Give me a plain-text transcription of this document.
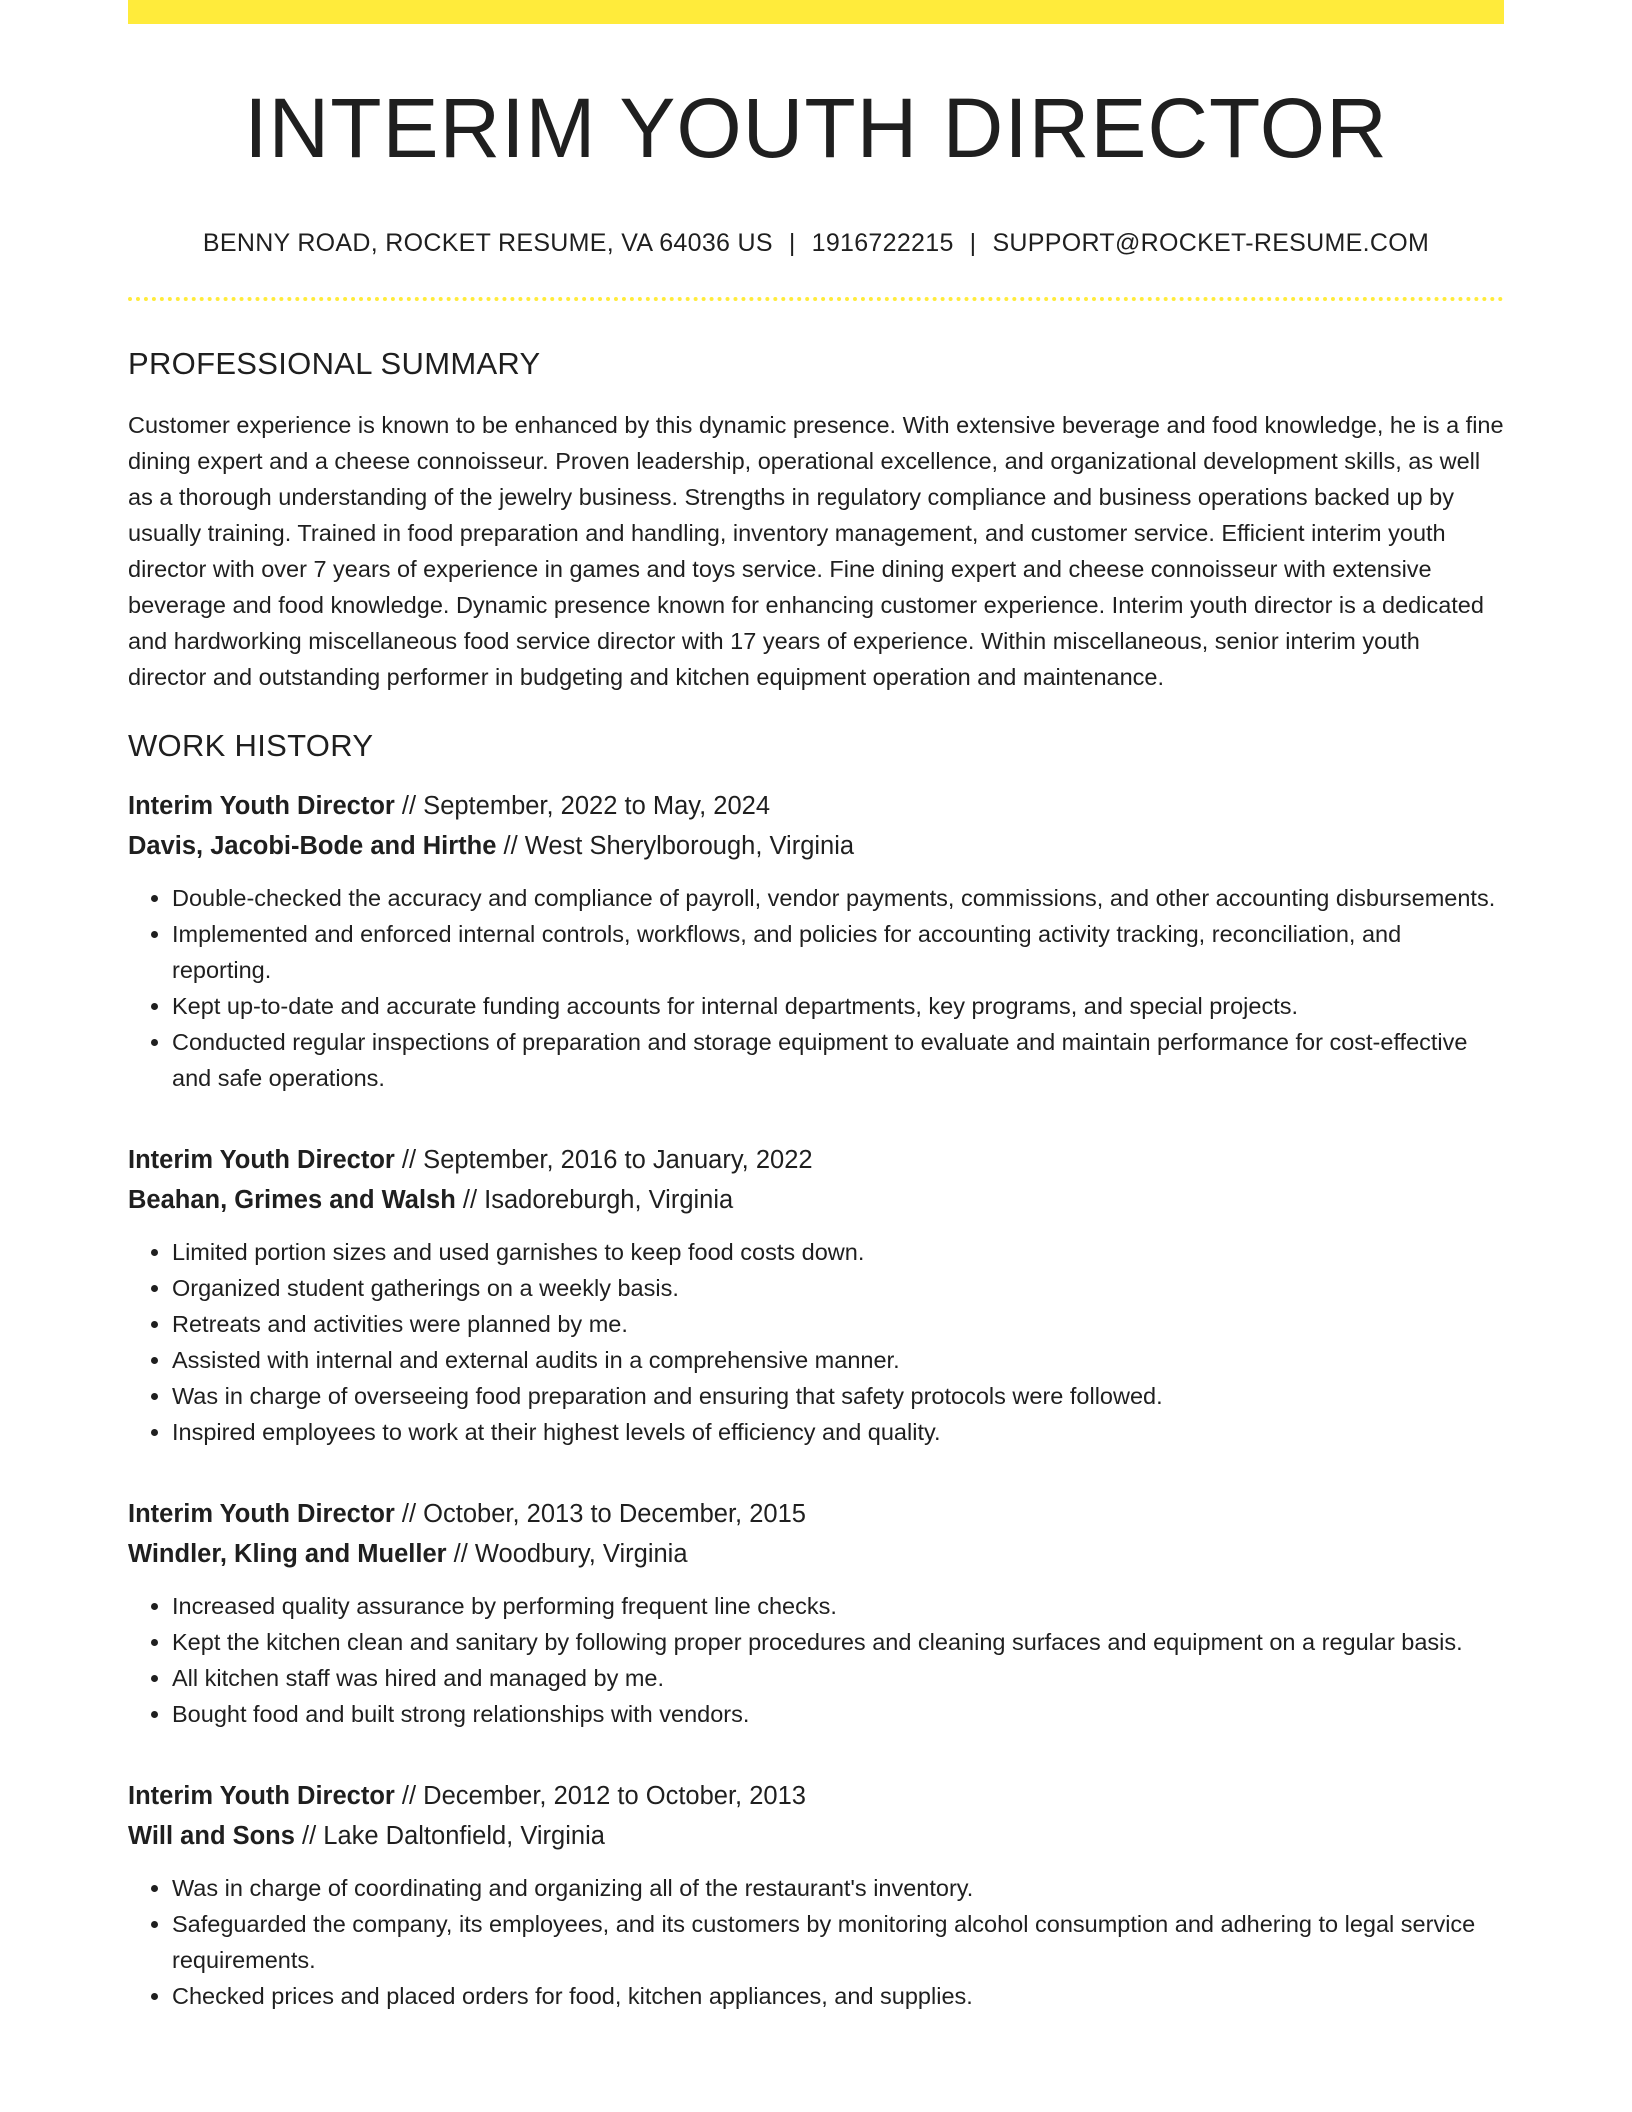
INTERIM YOUTH DIRECTOR
BENNY ROAD, ROCKET RESUME, VA 64036 US | 1916722215 | SUPPORT@ROCKET-RESUME.COM
PROFESSIONAL SUMMARY

Customer experience is known to be enhanced by this dynamic presence. With extensive beverage and food knowledge, he is a fine dining expert and a cheese connoisseur. Proven leadership, operational excellence, and organizational development skills, as well as a thorough understanding of the jewelry business. Strengths in regulatory compliance and business operations backed up by usually training. Trained in food preparation and handling, inventory management, and customer service. Efficient interim youth director with over 7 years of experience in games and toys service. Fine dining expert and cheese connoisseur with extensive beverage and food knowledge. Dynamic presence known for enhancing customer experience. Interim youth director is a dedicated and hardworking miscellaneous food service director with 17 years of experience. Within miscellaneous, senior interim youth director and outstanding performer in budgeting and kitchen equipment operation and maintenance.

WORK HISTORY
Interim Youth Director // September, 2022 to May, 2024
Davis, Jacobi-Bode and Hirthe // West Sherylborough, Virginia
• Double-checked the accuracy and compliance of payroll, vendor payments, commissions, and other accounting disbursements.
• Implemented and enforced internal controls, workflows, and policies for accounting activity tracking, reconciliation, and reporting.
• Kept up-to-date and accurate funding accounts for internal departments, key programs, and special projects.
• Conducted regular inspections of preparation and storage equipment to evaluate and maintain performance for cost-effective and safe operations.
Interim Youth Director // September, 2016 to January, 2022
Beahan, Grimes and Walsh // Isadoreburgh, Virginia
• Limited portion sizes and used garnishes to keep food costs down.
• Organized student gatherings on a weekly basis.
• Retreats and activities were planned by me.
• Assisted with internal and external audits in a comprehensive manner.
• Was in charge of overseeing food preparation and ensuring that safety protocols were followed.
• Inspired employees to work at their highest levels of efficiency and quality.
Interim Youth Director // October, 2013 to December, 2015
Windler, Kling and Mueller // Woodbury, Virginia
• Increased quality assurance by performing frequent line checks.
• Kept the kitchen clean and sanitary by following proper procedures and cleaning surfaces and equipment on a regular basis.
• All kitchen staff was hired and managed by me.
• Bought food and built strong relationships with vendors.
Interim Youth Director // December, 2012 to October, 2013
Will and Sons // Lake Daltonfield, Virginia
• Was in charge of coordinating and organizing all of the restaurant's inventory.
• Safeguarded the company, its employees, and its customers by monitoring alcohol consumption and adhering to legal service requirements.
• Checked prices and placed orders for food, kitchen appliances, and supplies.
